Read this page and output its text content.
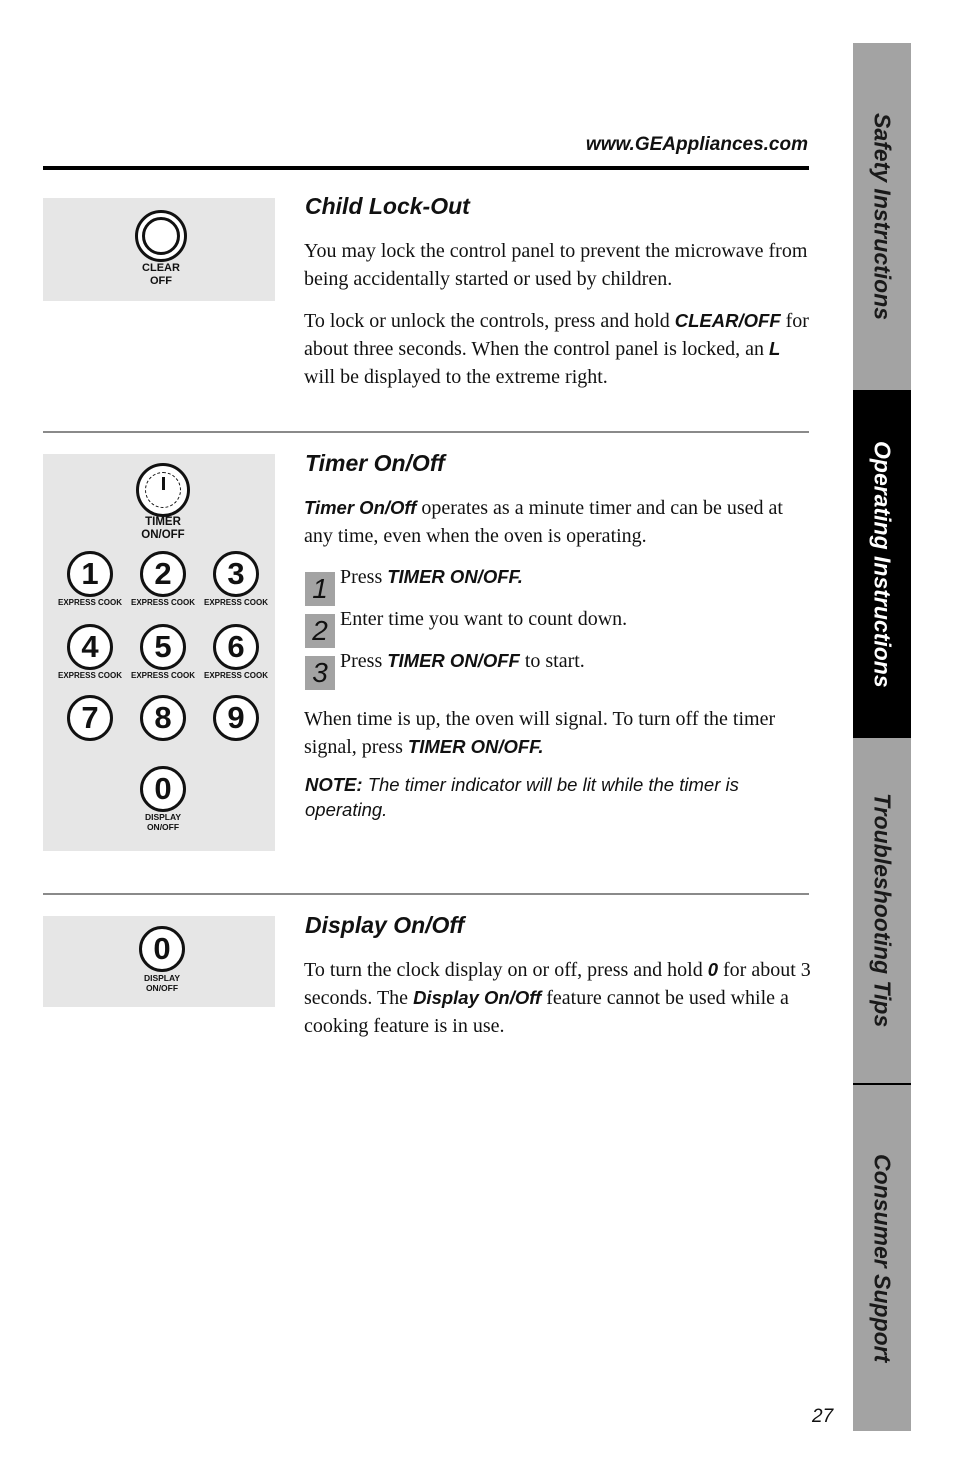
www.GEAppliances.com
CLEAR
OFF
Child Lock-Out

You may lock the control panel to prevent the microwave from being accidentally started or used by children.

To lock or unlock the controls, press and hold CLEAR/OFF for about three seconds. When the control panel is locked, an L will be displayed to the extreme right.

TIMER
ON/OFF
1	2	3
EXPRESS COOK EXPRESS COOK EXPRESS COOK
4	5	6
EXPRESS COOK EXPRESS COOK EXPRESS COOK
7	8	9
0
DISPLAY
ON/OFF
Timer On/Off

Timer On/Off operates as a minute timer and can be used at any time, even when the oven is operating.

1 Press TIMER ON/OFF.
2 Enter time you want to count down.
3 Press TIMER ON/OFF to start.

When time is up, the oven will signal. To turn off the timer signal, press TIMER ON/OFF.

NOTE: The timer indicator will be lit while the timer is operating.

0
DISPLAY
ON/OFF
Display On/Off

To turn the clock display on or off, press and hold 0 for about 3 seconds. The Display On/Off feature cannot be used while a cooking feature is in use.

Safety Instructions
Operating Instructions
Troubleshooting Tips
Consumer Support
27
